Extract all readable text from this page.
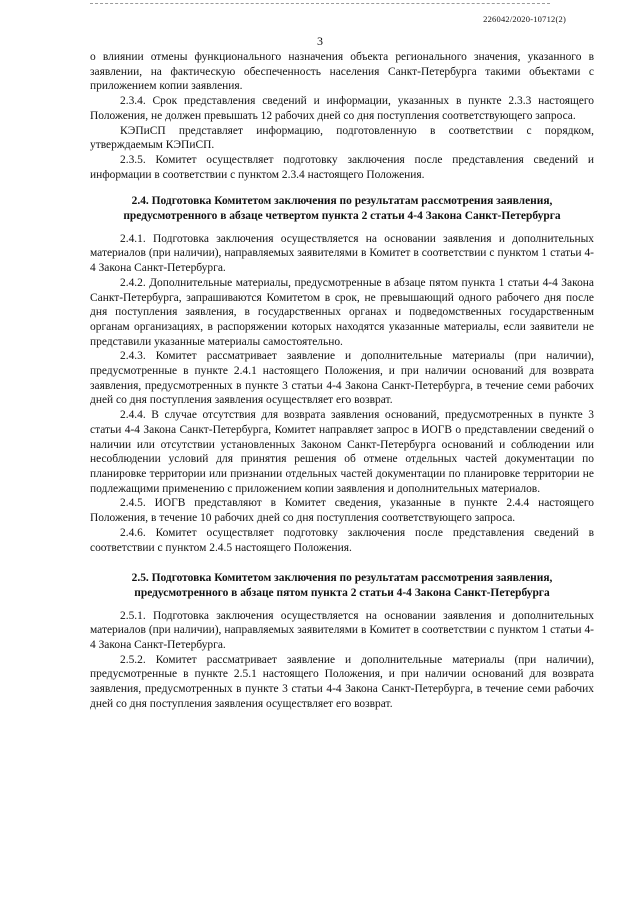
226042/2020-10712(2)
3

о влиянии отмены функционального назначения объекта регионального значения, указанного в заявлении, на фактическую обеспеченность населения Санкт-Петербурга такими объектами с приложением копии заявления.

2.3.4. Срок представления сведений и информации, указанных в пункте 2.3.3 настоящего Положения, не должен превышать 12 рабочих дней со дня поступления соответствующего запроса.

КЭПиСП представляет информацию, подготовленную в соответствии с порядком, утверждаемым КЭПиСП.

2.3.5. Комитет осуществляет подготовку заключения после представления сведений и информации в соответствии с пунктом 2.3.4 настоящего Положения.

2.4. Подготовка Комитетом заключения по результатам рассмотрения заявления,
предусмотренного в абзаце четвертом пункта 2 статьи 4-4 Закона Санкт-Петербурга

2.4.1. Подготовка заключения осуществляется на основании заявления и дополнительных материалов (при наличии), направляемых заявителями в Комитет в соответствии с пунктом 1 статьи 4-4 Закона Санкт-Петербурга.

2.4.2. Дополнительные материалы, предусмотренные в абзаце пятом пункта 1 статьи 4-4 Закона Санкт-Петербурга, запрашиваются Комитетом в срок, не превышающий одного рабочего дня после дня поступления заявления, в государственных органах и подведомственных государственным органам организациях, в распоряжении которых находятся указанные материалы, если заявители не представили указанные материалы самостоятельно.

2.4.3. Комитет рассматривает заявление и дополнительные материалы (при наличии), предусмотренные в пункте 2.4.1 настоящего Положения, и при наличии оснований для возврата заявления, предусмотренных в пункте 3 статьи 4-4 Закона Санкт-Петербурга, в течение семи рабочих дней со дня поступления заявления осуществляет его возврат.

2.4.4. В случае отсутствия для возврата заявления оснований, предусмотренных в пункте 3 статьи 4-4 Закона Санкт-Петербурга, Комитет направляет запрос в ИОГВ о представлении сведений о наличии или отсутствии установленных Законом Санкт-Петербурга оснований и соблюдении или несоблюдении условий для принятия решения об отмене отдельных частей документации по планировке территории или признании отдельных частей документации по планировке территории не подлежащими применению с приложением копии заявления и дополнительных материалов.

2.4.5. ИОГВ представляют в Комитет сведения, указанные в пункте 2.4.4 настоящего Положения, в течение 10 рабочих дней со дня поступления соответствующего запроса.

2.4.6. Комитет осуществляет подготовку заключения после представления сведений в соответствии с пунктом 2.4.5 настоящего Положения.

2.5. Подготовка Комитетом заключения по результатам рассмотрения заявления,
предусмотренного в абзаце пятом пункта 2 статьи 4-4 Закона Санкт-Петербурга

2.5.1. Подготовка заключения осуществляется на основании заявления и дополнительных материалов (при наличии), направляемых заявителями в Комитет в соответствии с пунктом 1 статьи 4-4 Закона Санкт-Петербурга.

2.5.2. Комитет рассматривает заявление и дополнительные материалы (при наличии), предусмотренные в пункте 2.5.1 настоящего Положения, и при наличии оснований для возврата заявления, предусмотренных в пункте 3 статьи 4-4 Закона Санкт-Петербурга, в течение семи рабочих дней со дня поступления заявления осуществляет его возврат.
